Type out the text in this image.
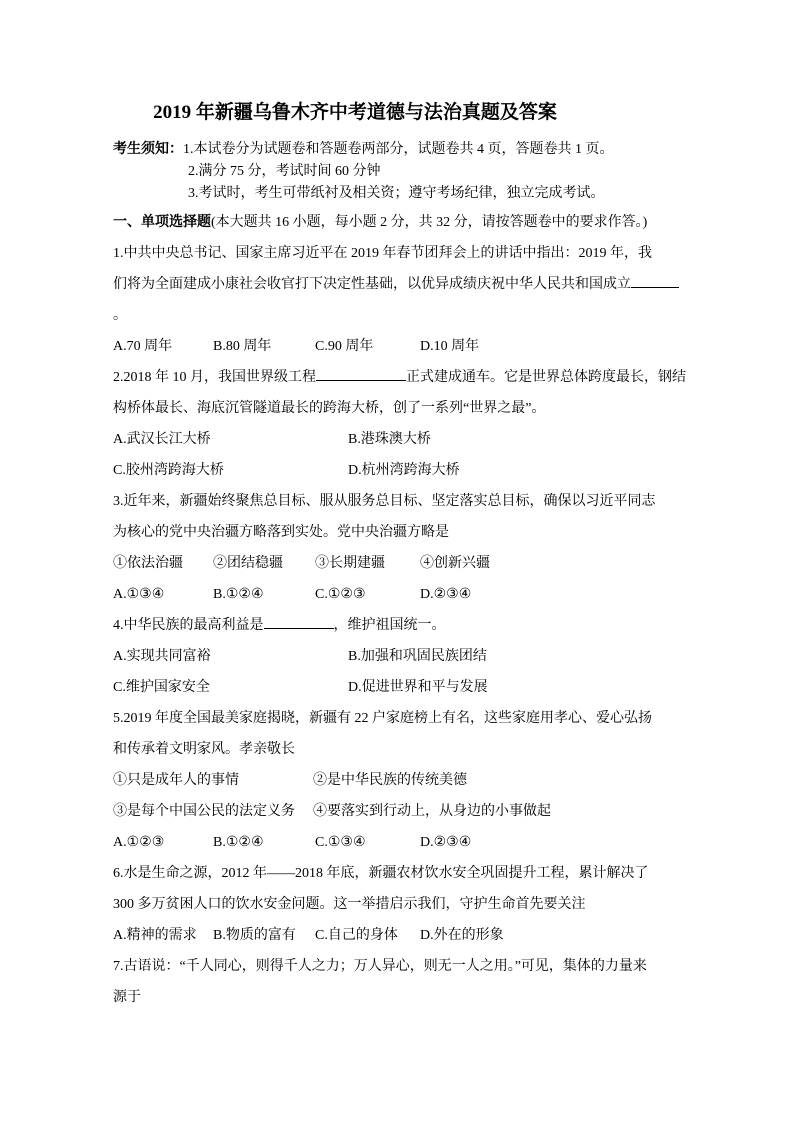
2019 年新疆乌鲁木齐中考道德与法治真题及答案
考生须知：1.本试卷分为试题卷和答题卷两部分，试题卷共 4 页，答题卷共 1 页。
2.满分 75 分，考试时间 60 分钟
3.考试时，考生可带纸衬及相关资；遵守考场纪律，独立完成考试。
一、单项选择题(本大题共 16 小题，每小题 2 分，共 32 分，请按答题卷中的要求作答。)
1.中共中央总书记、国家主席习近平在 2019 年春节团拜会上的讲话中指出：2019 年，我
们将为全面建成小康社会收官打下决定性基础，以优异成绩庆祝中华人民共和国成立
。
A.70 周年	B.80 周年	C.90 周年	D.10 周年
2.2018 年 10 月，我国世界级工程	正式建成通车。它是世界总体跨度最长，钢结
构桥体最长、海底沉管隧道最长的跨海大桥，创了一系列“世界之最”。
A.武汉长江大桥	B.港珠澳大桥
C.胶州湾跨海大桥	D.杭州湾跨海大桥
3.近年来，新疆始终聚焦总目标、服从服务总目标、坚定落实总目标，确保以习近平同志
为核心的党中央治疆方略落到实处。党中央治疆方略是
①依法治疆 ②团结稳疆 ③长期建疆	④创新兴疆
A.①③④	B.①②④	C.①②③	D.②③④
4.中华民族的最高利益是	，维护祖国统一。
A.实现共同富裕	B.加强和巩固民族团结
C.维护国家安全	D.促进世界和平与发展
5.2019 年度全国最美家庭揭晓，新疆有 22 户家庭榜上有名，这些家庭用孝心、爱心弘扬
和传承着文明家风。孝亲敬长
①只是成年人的事情	②是中华民族的传统美德
③是每个中国公民的法定义务 ④要落实到行动上，从身边的小事做起
A.①②③	B.①②④	C.①③④	D.②③④
6.水是生命之源，2012 年——2018 年底，新疆农材饮水安全巩固提升工程，累计解决了
300 多万贫困人口的饮水安金问题。这一举措启示我们，守护生命首先要关注
A.精神的需求 B.物质的富有 C.自己的身体 D.外在的形象
7.古语说：“千人同心，则得千人之力；万人异心，则无一人之用。”可见，集体的力量来
源于
